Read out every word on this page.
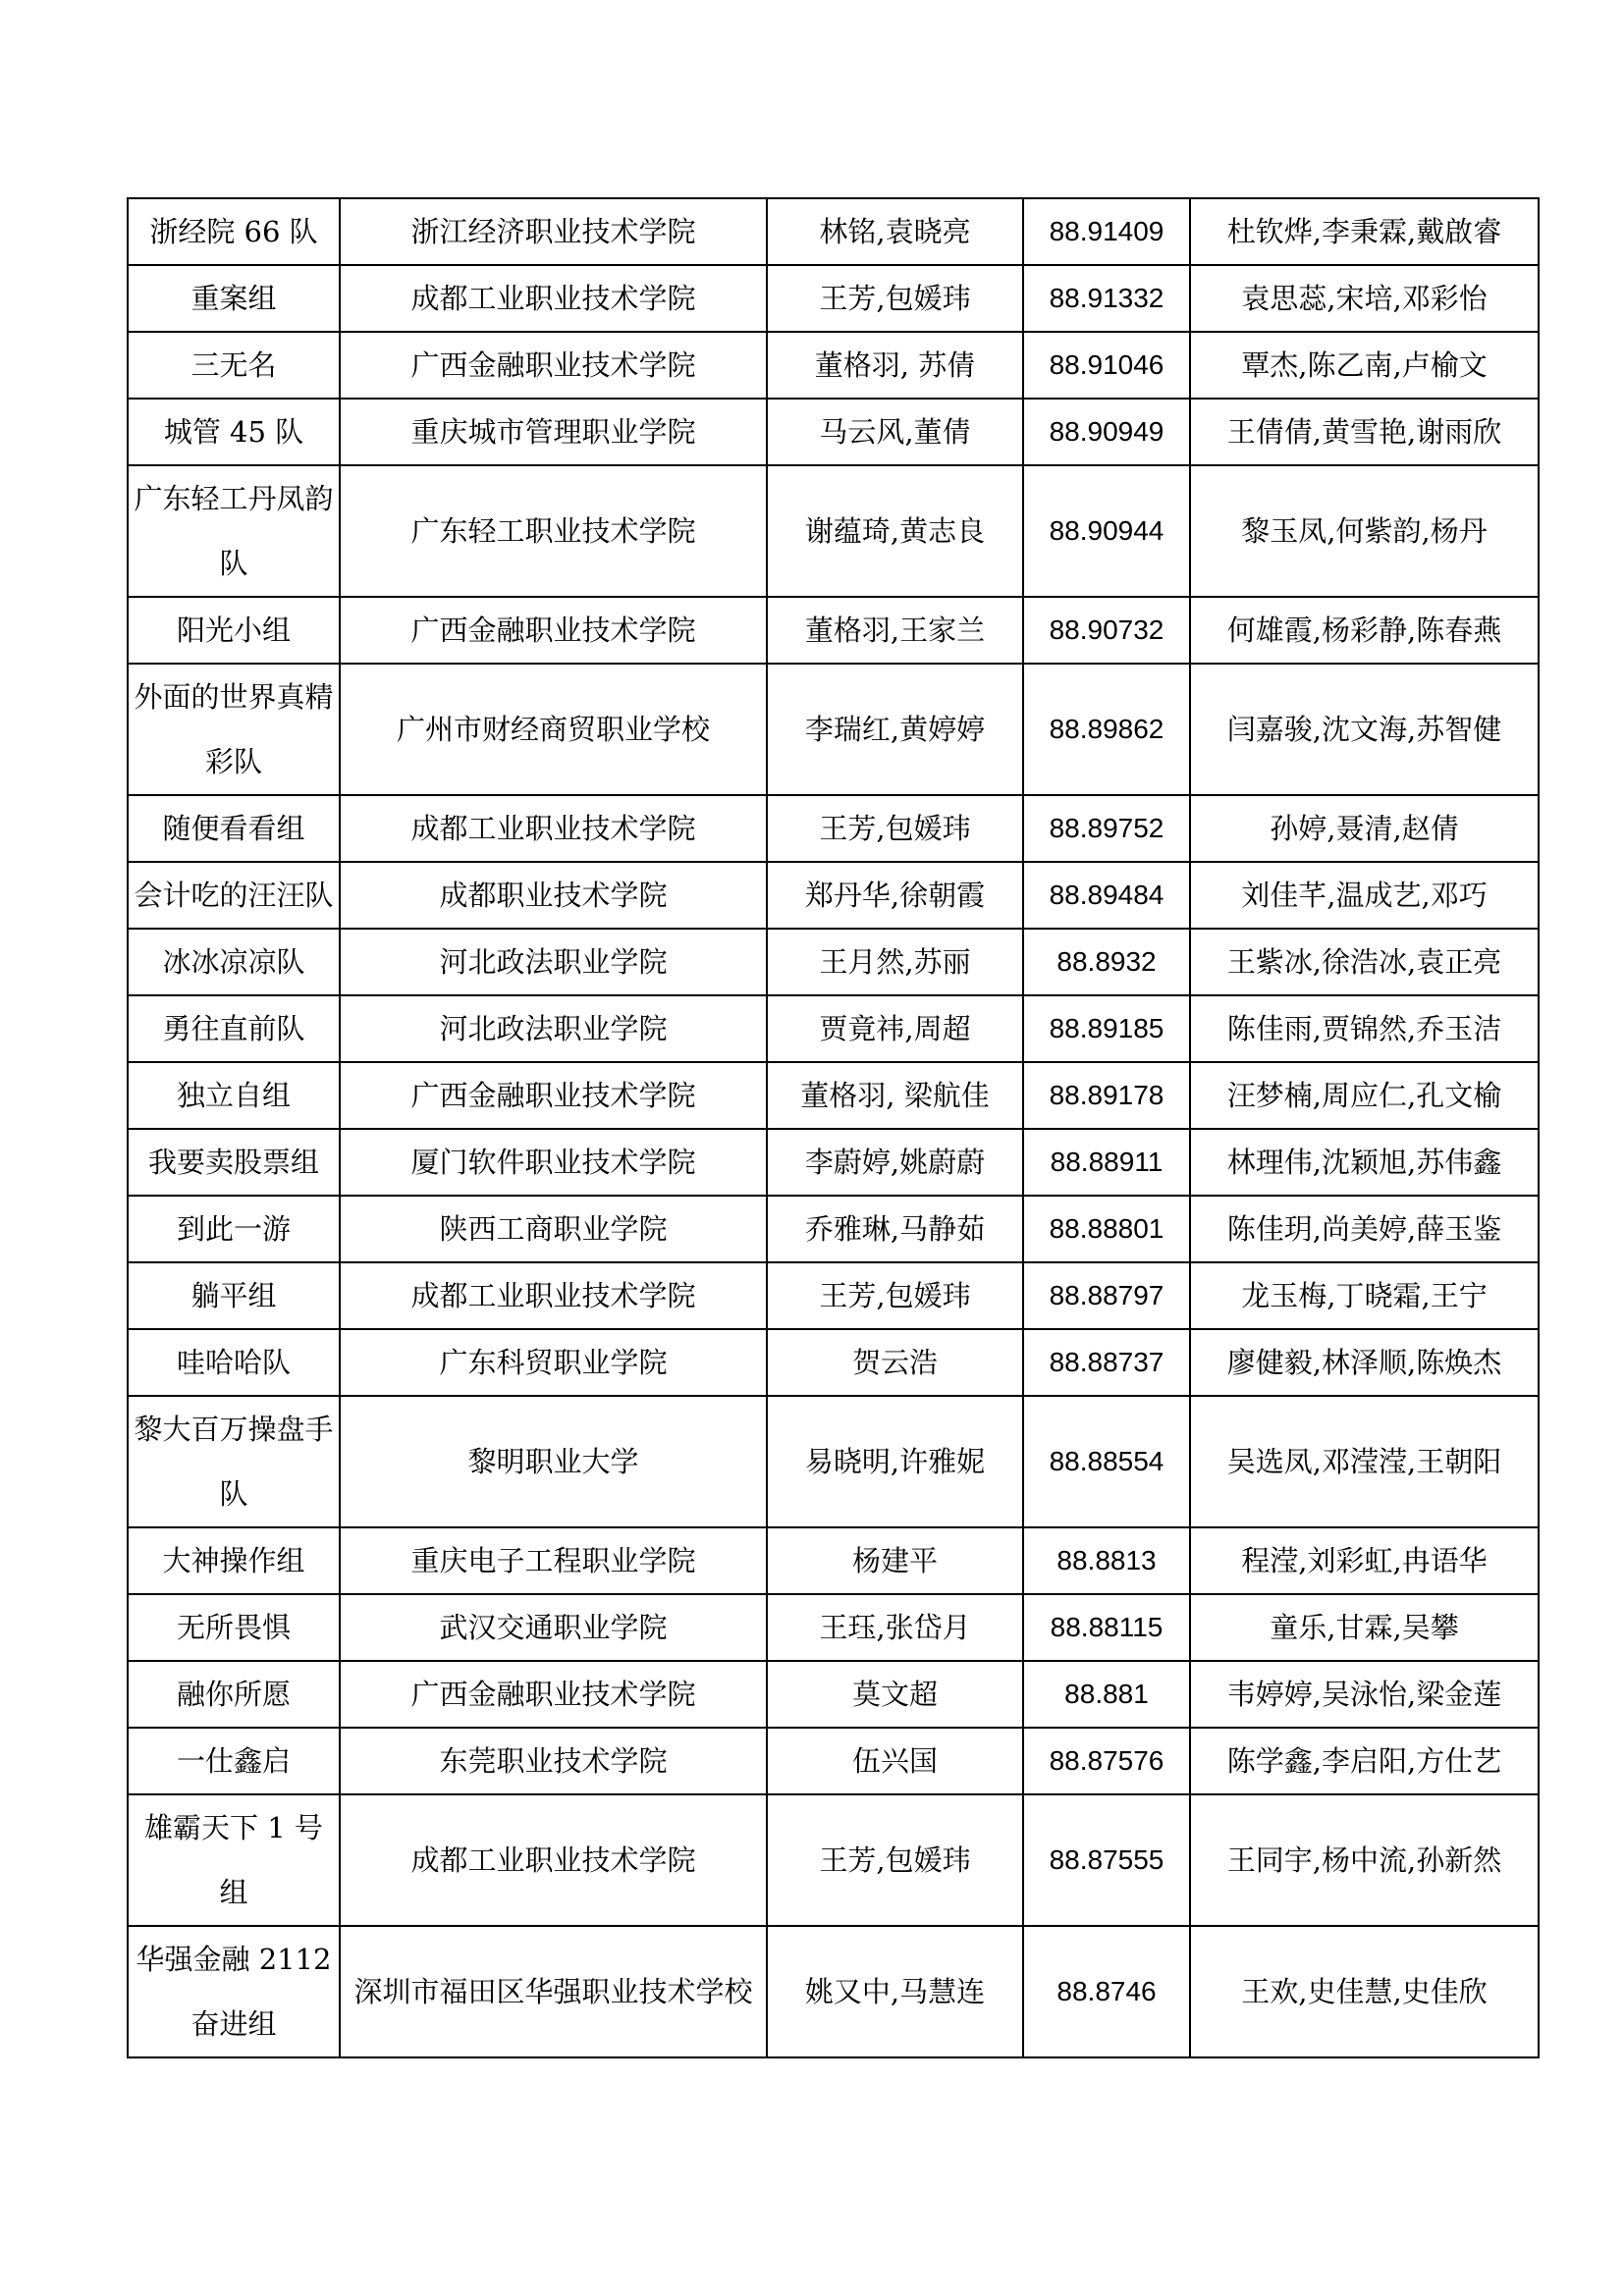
浙经院 66 队	浙江经济职业技术学院	林铭,袁晓亮	88.91409	杜钦烨,李秉霖,戴啟睿
重案组	成都工业职业技术学院	王芳,包媛玮	88.91332	袁思蕊,宋培,邓彩怡
三无名	广西金融职业技术学院	董格羽, 苏倩	88.91046	覃杰,陈乙南,卢榆文
城管 45 队	重庆城市管理职业学院	马云风,董倩	88.90949	王倩倩,黄雪艳,谢雨欣
广东轻工丹凤韵队	广东轻工职业技术学院	谢蕴琦,黄志良	88.90944	黎玉凤,何紫韵,杨丹
阳光小组	广西金融职业技术学院	董格羽,王家兰	88.90732	何雄霞,杨彩静,陈春燕
外面的世界真精彩队	广州市财经商贸职业学校	李瑞红,黄婷婷	88.89862	闫嘉骏,沈文海,苏智健
随便看看组	成都工业职业技术学院	王芳,包媛玮	88.89752	孙婷,聂清,赵倩
会计吃的汪汪队	成都职业技术学院	郑丹华,徐朝霞	88.89484	刘佳芊,温成艺,邓巧
冰冰凉凉队	河北政法职业学院	王月然,苏丽	88.8932	王紫冰,徐浩冰,袁正亮
勇往直前队	河北政法职业学院	贾竟祎,周超	88.89185	陈佳雨,贾锦然,乔玉洁
独立自组	广西金融职业技术学院	董格羽, 梁航佳	88.89178	汪梦楠,周应仁,孔文榆
我要卖股票组	厦门软件职业技术学院	李蔚婷,姚蔚蔚	88.88911	林理伟,沈颖旭,苏伟鑫
到此一游	陕西工商职业学院	乔雅琳,马静茹	88.88801	陈佳玥,尚美婷,薛玉鉴
躺平组	成都工业职业技术学院	王芳,包媛玮	88.88797	龙玉梅,丁晓霜,王宁
哇哈哈队	广东科贸职业学院	贺云浩	88.88737	廖健毅,林泽顺,陈焕杰
黎大百万操盘手队	黎明职业大学	易晓明,许雅妮	88.88554	吴选凤,邓滢滢,王朝阳
大神操作组	重庆电子工程职业学院	杨建平	88.8813	程滢,刘彩虹,冉语华
无所畏惧	武汉交通职业学院	王珏,张岱月	88.88115	童乐,甘霖,吴攀
融你所愿	广西金融职业技术学院	莫文超	88.881	韦婷婷,吴泳怡,梁金莲
一仕鑫启	东莞职业技术学院	伍兴国	88.87576	陈学鑫,李启阳,方仕艺
雄霸天下 1 号组	成都工业职业技术学院	王芳,包媛玮	88.87555	王同宇,杨中流,孙新然
华强金融 2112 奋进组	深圳市福田区华强职业技术学校	姚又中,马慧连	88.8746	王欢,史佳慧,史佳欣
